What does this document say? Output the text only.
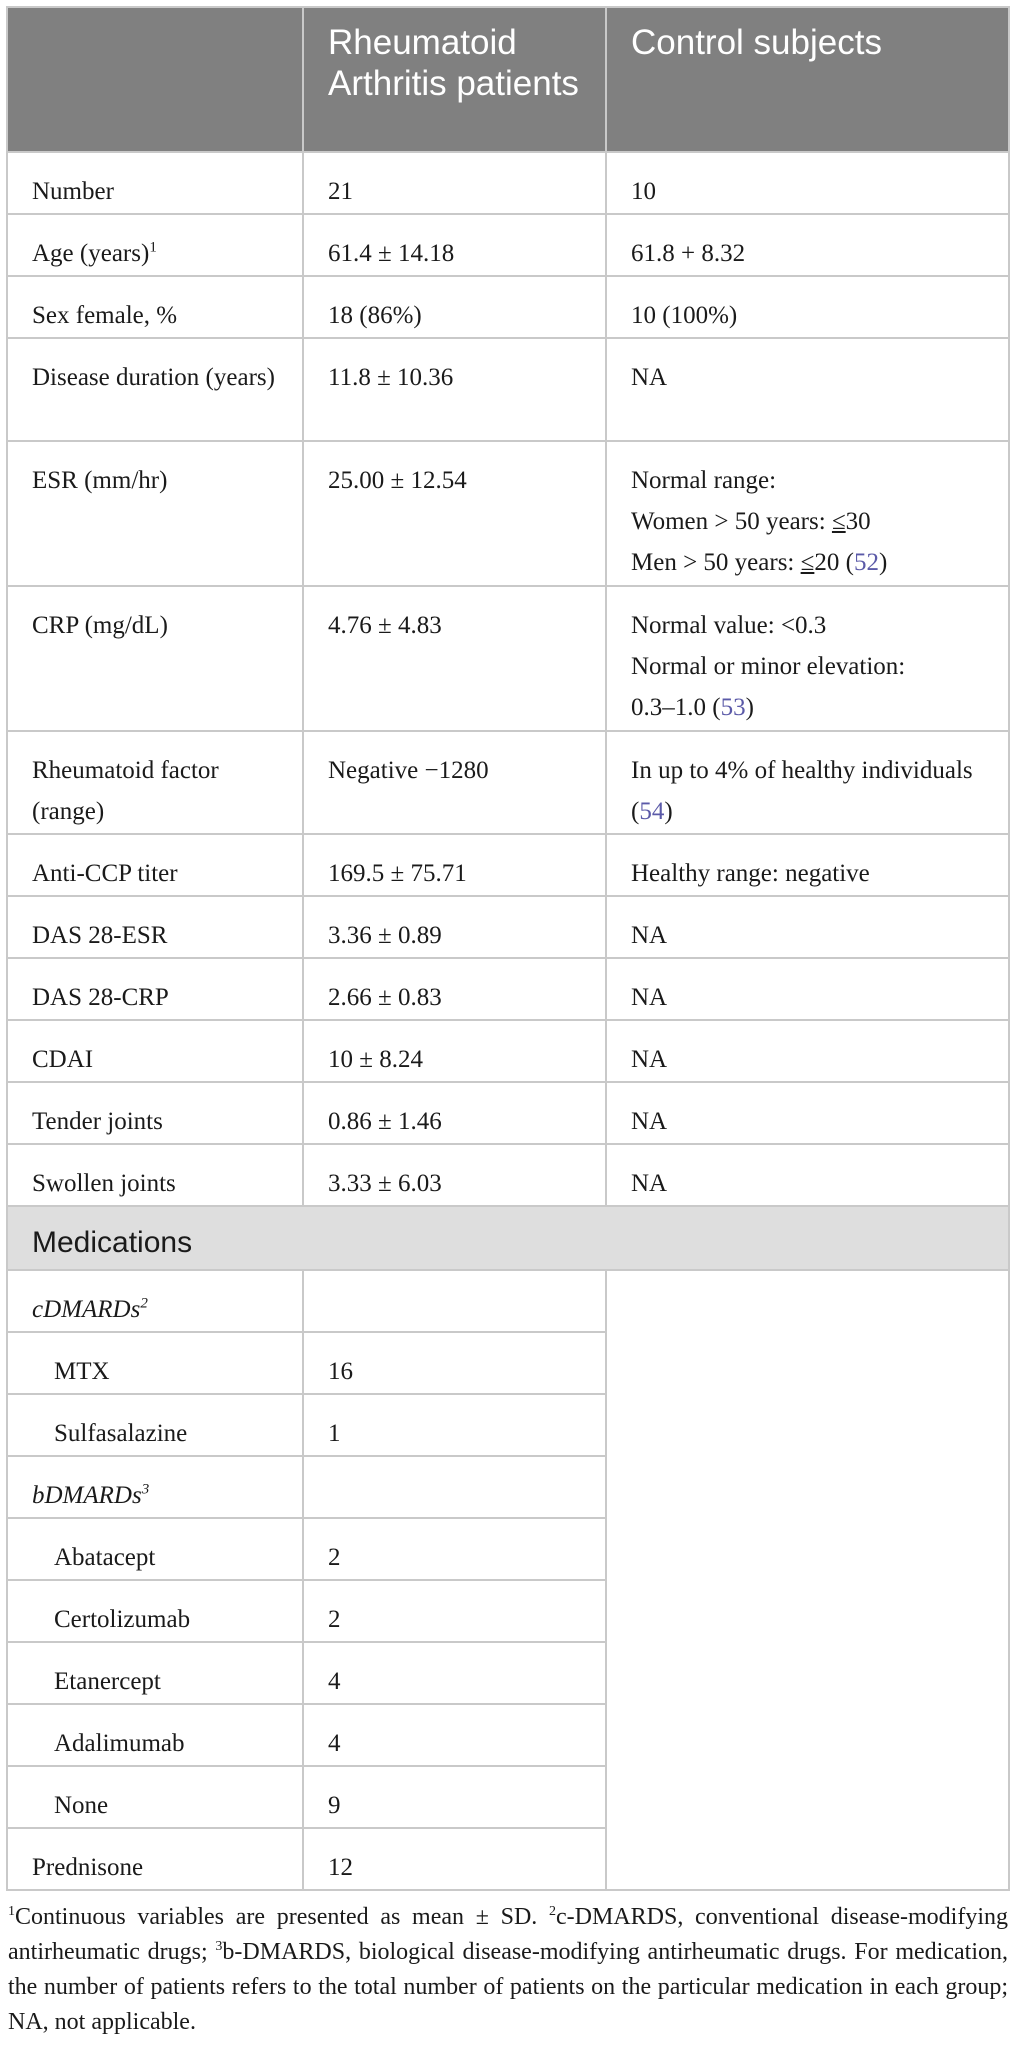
	Rheumatoid Arthritis patients	Control subjects
Number	21	10
Age (years)$^1$	61.4 ± 14.18	61.8 + 8.32
Sex female, %	18 (86%)	10 (100%)
Disease duration (years)	11.8 ± 10.36	NA
ESR (mm/hr)	25.00 ± 12.54	Normal range:
Women > 50 years: ≤30
Men > 50 years: ≤20 (52)

CRP (mg/dL)	4.76 ± 4.83	Normal value: <0.3
Normal or minor elevation:
0.3–1.0 (53)

Rheumatoid factor (range)	Negative −1280	In up to 4% of healthy individuals (54)
Anti-CCP titer	169.5 ± 75.71	Healthy range: negative
DAS 28-ESR	3.36 ± 0.89	NA
DAS 28-CRP	2.66 ± 0.83	NA
CDAI	10 ± 8.24	NA
Tender joints	0.86 ± 1.46	NA
Swollen joints	3.33 ± 6.03	NA
Medications		
cDMARDs$^2$		
MTX	16	
Sulfasalazine	1	
bDMARDs$^3$	
Abatacept	2	
Certolizumab	2	
Etanercept	4	
Adalimumab	4	
None	9	
Prednisone	12	
$^1$Continuous variables are presented as mean ± SD. $^2$c-DMARDS, conventional disease-modifying antirheumatic drugs; $^3$b-DMARDS, biological disease-modifying antirheumatic drugs. For medication, the number of patients refers to the total number of patients on the particular medication in each group; NA, not applicable.
